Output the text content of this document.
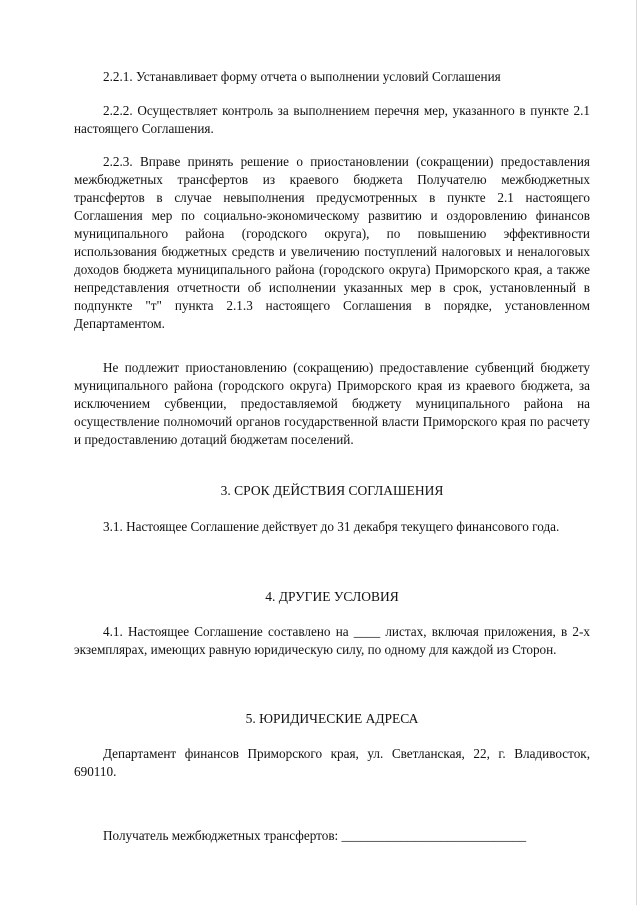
2.2.1. Устанавливает форму отчета о выполнении условий Соглашения
2.2.2. Осуществляет контроль за выполнением перечня мер, указанного в пункте 2.1 настоящего Соглашения.
2.2.3. Вправе принять решение о приостановлении (сокращении) предоставления межбюджетных трансфертов из краевого бюджета Получателю межбюджетных трансфертов в случае невыполнения предусмотренных в пункте 2.1 настоящего Соглашения мер по социально-экономическому развитию и оздоровлению финансов муниципального района (городского округа), по повышению эффективности использования бюджетных средств и увеличению поступлений налоговых и неналоговых доходов бюджета муниципального района (городского округа) Приморского края, а также непредставления отчетности об исполнении указанных мер в срок, установленный в подпункте "т" пункта 2.1.3 настоящего Соглашения в порядке, установленном Департаментом.
Не подлежит приостановлению (сокращению) предоставление субвенций бюджету муниципального района (городского округа) Приморского края из краевого бюджета, за исключением субвенции, предоставляемой бюджету муниципального района на осуществление полномочий органов государственной власти Приморского края по расчету и предоставлению дотаций бюджетам поселений.
3. СРОК ДЕЙСТВИЯ СОГЛАШЕНИЯ
3.1. Настоящее Соглашение действует до 31 декабря текущего финансового года.
4. ДРУГИЕ УСЛОВИЯ
4.1. Настоящее Соглашение составлено на ____ листах, включая приложения, в 2-х экземплярах, имеющих равную юридическую силу, по одному для каждой из Сторон.
5. ЮРИДИЧЕСКИЕ АДРЕСА
Департамент финансов Приморского края, ул. Светланская, 22, г. Владивосток, 690110.
Получатель межбюджетных трансфертов: ____________________________
